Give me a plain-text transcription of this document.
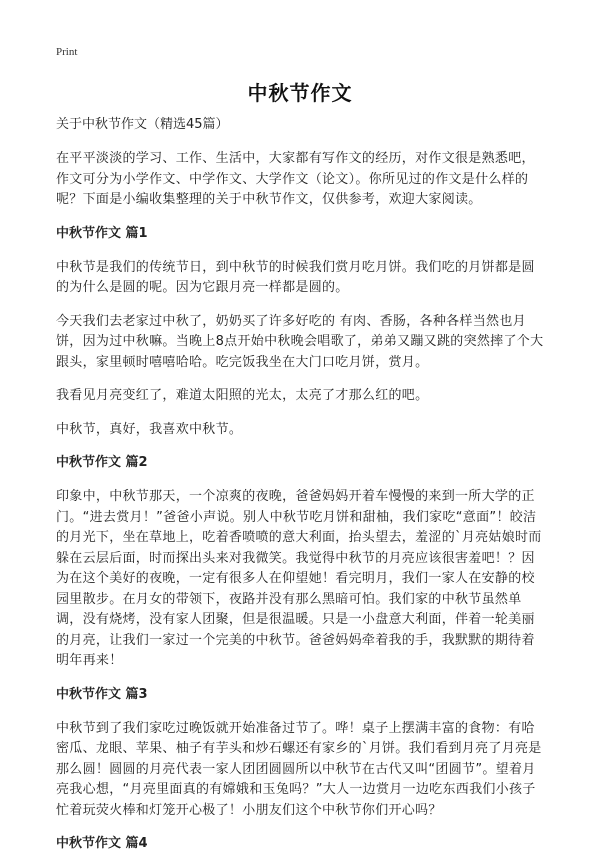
Print
中秋节作文
关于中秋节作文（精选45篇）

在平平淡淡的学习、工作、生活中，大家都有写作文的经历，对作文很是熟悉吧，作文可分为小学作文、中学作文、大学作文（论文）。你所见过的作文是什么样的呢？下面是小编收集整理的关于中秋节作文，仅供参考，欢迎大家阅读。

中秋节作文 篇1

中秋节是我们的传统节日，到中秋节的时候我们赏月吃月饼。我们吃的月饼都是圆的为什么是圆的呢。因为它跟月亮一样都是圆的。

今天我们去老家过中秋了，奶奶买了许多好吃的 有肉、香肠，各种各样当然也月饼，因为过中秋嘛。当晚上8点开始中秋晚会唱歌了，弟弟又蹦又跳的突然摔了个大跟头，家里顿时嘻嘻哈哈。吃完饭我坐在大门口吃月饼，赏月。

我看见月亮变红了，难道太阳照的光太，太亮了才那么红的吧。

中秋节，真好，我喜欢中秋节。

中秋节作文 篇2

印象中，中秋节那天，一个凉爽的夜晚，爸爸妈妈开着车慢慢的来到一所大学的正门。“进去赏月！”爸爸小声说。别人中秋节吃月饼和甜柚，我们家吃“意面”！皎洁的月光下，坐在草地上，吃着香喷喷的意大利面，抬头望去，羞涩的`月亮姑娘时而躲在云层后面，时而探出头来对我微笑。我觉得中秋节的月亮应该很害羞吧！？因为在这个美好的夜晚，一定有很多人在仰望她！看完明月，我们一家人在安静的校园里散步。在月女的带领下，夜路并没有那么黑暗可怕。我们家的中秋节虽然单调，没有烧烤，没有家人团聚，但是很温暖。只是一小盘意大利面，伴着一轮美丽的月亮，让我们一家过一个完美的中秋节。爸爸妈妈牵着我的手，我默默的期待着明年再来！

中秋节作文 篇3

中秋节到了我们家吃过晚饭就开始准备过节了。哗！桌子上摆满丰富的食物：有哈密瓜、龙眼、苹果、柚子有芋头和炒石螺还有家乡的`月饼。我们看到月亮了月亮是那么圆！圆圆的月亮代表一家人团团圆圆所以中秋节在古代又叫“团圆节”。望着月亮我心想，“月亮里面真的有嫦娥和玉兔吗？”大人一边赏月一边吃东西我们小孩子忙着玩荧火棒和灯笼开心极了！小朋友们这个中秋节你们开心吗？

中秋节作文 篇4
